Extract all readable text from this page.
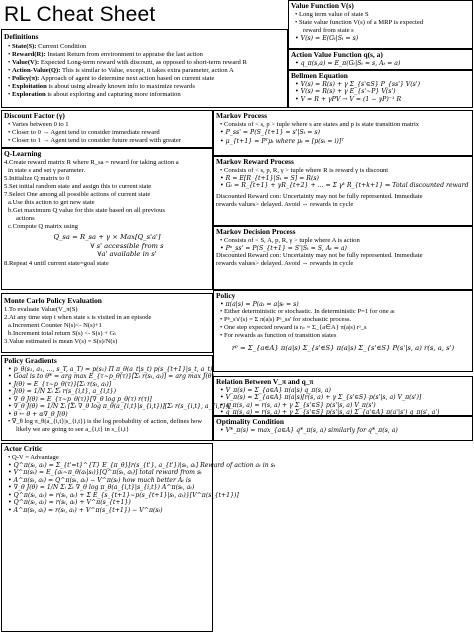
RL Cheat Sheet
Definitions
• State(S): Current Condition
• Reward(R): Instant Return from environment to appraise the last action
• Value(V): Expected Long-term reward with discount, as opposed to short-term reward R
• Action-Value(Q): This is similar to Value, except, it takes extra parameter, action A
• Policy(π): Approach of agent to determine next action based on current state
• Exploitation is about using already known info to maximize rewards
• Exploration is about exploring and capturing more information
Value Function V(s)
• Long term value of state S
• State value function V(s) of a MRP is expected
reward from state s
• V(s) = E(Gₜ|Sₜ = s)
Action Value Function q(s, a)
• q_π(s,a) = E_π(Gₜ|Sₜ = s, Aₜ = a)
Bellmen Equation
• V(s) = R(s) + γ Σ_{s'∈S} P_{ss'} V(s')
• V(s) = R(s) + γ E_{s'∼P} V(s')
• V = R + γPV → V = (1 − γP)⁻¹ R
Discount Factor (γ)
• Varies between 0 to 1
• Closer to 0 → Agent tend to consider immediate reward
• Closer to 1 → Agent tend to consider future reward with greater
Q-Learning
4.Create reward matrix R where R_sa = reward for taking action a
in state s and set γ parameter.
5.Initialize Q matrix to 0
5.Set initial random state and assign this to current state
7.Select One among all possible actions of current state
a.Use this action to get new state
b.Get maximum Q value for this state based on all previous
actions
c.Compute Q matrix using
Q_sa = R_sa + γ × Max[Q_s'a']
∀ s' accessible from s
∀a' available in s'
8.Repeat 4 until current state=goal state
Markov Process
• Consists of < s, p > tuple where s are states and p is state transition matrix
• P_ss' = P(S_{t+1} = s'|Sₜ = s)
• μ_{t+1} = Pᵀμₜ where μₜ = [p(sₜ = i)]ᵀ
Markov Reward Process
• Consists of < s, p, R, γ > tuple where R is reward γ is discount
• R = E[R_{t+1}|Sₜ = S] = R(s)
• Gₜ = R_{t+1} + γR_{t+2} + ... = Σ γᵏ R_{t+k+1} ⇒ Total discounted reward
Discounted Reward con: Uncertainty may not be fully represented. Immediate
rewards values> delayed. Avoid ⇔ rewards in cycle
Markov Decision Process
• Consists of < S, A, p, R, γ > tuple where A is action
• Pᵃ_ss' = P(S_{t+1} = S'|Sₜ = S, Aₜ = a)
Discounted Reward con: Uncertainty may not be fully represented. Immediate
rewards values> delayed. Avoid ⇔ rewards in cycle
Monte Carlo Policy Evaluation
1.To evaluate Value(V_π(S)
2.At any time step t when state s is visited in an episode
a.Increment Counter N(s)<- N(s)+1
b.Increment total return S(s) <- S(s) + Gₜ
3.Value estimated is mean V(s) = S(s)/N(s)
Policy
• π(a|s) = P(aₜ = a|sₜ = s)
• Either deterministic or stochastic. In deterministic P=1 for one aₜ
• Pᵖ_s's'(s) = Σ π(a|s) Pᵃ_ss' for stochastic process.
• One step expected reward is rₚ = Σ_{a∈A} π(a|s) rᵃ_s
• For rewards as function of transition states
rᵖ = Σ_{a∈A} π(a|s) Σ_{s'∈S} π(a|s) Σ_{s'∈S} P(s'|s, a) r(s, a, s')
Policy Gradients
• p_θ(s₁, a₁, ..., s_T, a_T) = p(s₁) Π π_θ(a_t|s_t) p(s_{t+1}|s_t, a_t)
• Goal is to θ* = arg max E_{τ∼p_θ(τ)}[Σₜ r(sₜ, aₜ)] = arg max J(θ)
• J(θ) = E_{τ∼p_θ(τ)}[Σₜ r(sₜ, aₜ)]
• J(θ) ≈ 1/N Σᵢ Σₜ r(s_{i,t}, a_{i,t})
• ∇_θ J(θ) = E_{τ∼p_θ(τ)}[∇_θ log p_θ(τ) r(τ)]
• ∇_θ J(θ) ≈ 1/N Σᵢ [Σₜ ∇_θ log π_θ(a_{i,t}|s_{i,t})][Σₜ r(s_{i,t}, a_{i,t})]
• θ ← θ + α∇_θ J(θ)
• ∇_θ log π_θ(a_{i,t}|s_{i,t}) is the log probability of action, defines how
likely we are going to see a_{i,t} in s_{i,t}
Relation Between V_π and q_π
• V_π(s) = Σ_{a∈A} π(a|s) q_π(s, a)
• V_π(s) = Σ_{a∈A} π(a|s)[r(s, a) + γ Σ_{s'∈S} p(s'|s, a) V_π(s')]
• q_π(s, a) = r(s, a) + γ Σ_{s'∈S} p(s'|s, a) V_π(s')
• q_π(s, a) = r(s, a) + γ Σ_{s'∈S} p(s'|s, a) Σ_{a'∈A} π(a'|s') q_π(s', a')
Optimality Condition
• V*_π(s) = max_{a∈A} q*_π(s, a) similarly for q*_π(s, a)
Actor Critic
• Q-V = Advantage
• Q^π(sₜ, aₜ) = Σ_{t'=t}^{T} E_{π_θ}[r(s_{t'}, a_{t'})|sₜ, aₜ] Reward of action aₜ in sₜ
• V^π(sₜ) = E_{aₜ∼π_θ(aₜ|sₜ)}[Q^π(sₜ, aₜ)] total reward from sₜ
• A^π(sₜ, aₜ) = Q^π(sₜ, aₜ) − V^π(sₜ) how much better Aₜ is
• ∇_θ J(θ) ≈ 1/N Σᵢ Σₜ ∇_θ log π_θ(a_{i,t}|s_{i,t}) A^π(sₜ, aₜ)
• Q^π(sₜ, aₜ) = r(sₜ, aₜ) + Σ E_{s_{t+1}∼p(s_{t+1}|sₜ, aₜ)}[V^π(s_{t+1})]
• Q^π(sₜ, aₜ) ≈ r(sₜ, aₜ) + V^π(s_{t+1})
• A^π(sₜ, aₜ) ≈ r(sₜ, aₜ) + V^π(s_{t+1}) − V^π(sₜ)
